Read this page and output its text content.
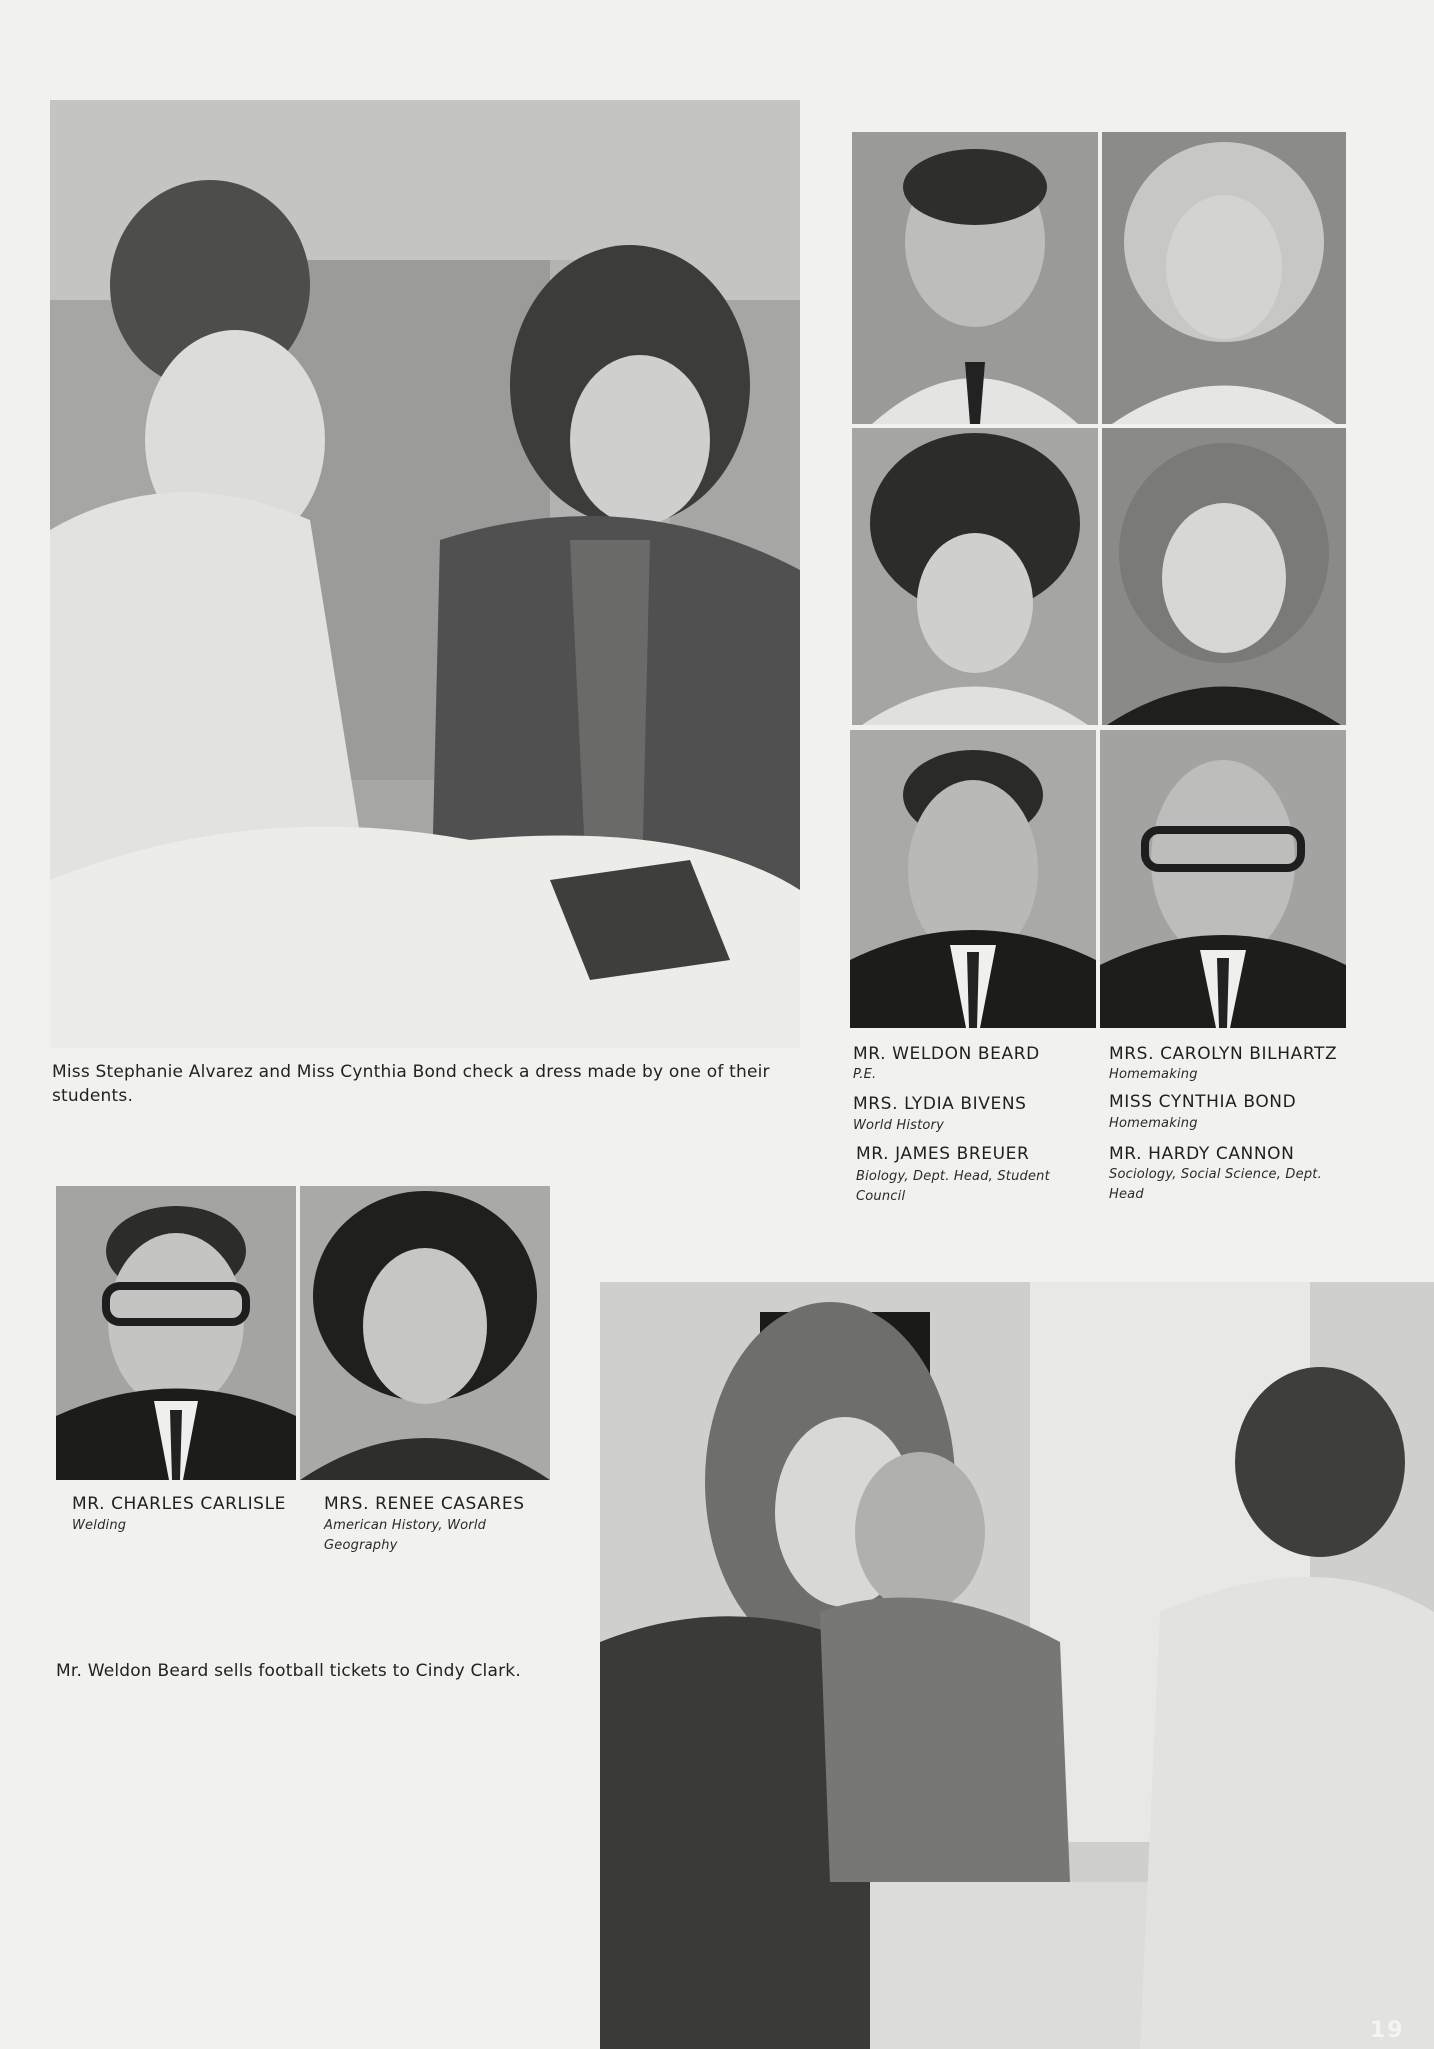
Miss Stephanie Alvarez and Miss Cynthia Bond check a dress made by one of their students.
MR. WELDON BEARD
P.E.
MRS. CAROLYN BILHARTZ
Homemaking
MRS. LYDIA BIVENS
World History
MISS CYNTHIA BOND
Homemaking
MR. JAMES BREUER
Biology, Dept. Head, Student Council
MR. HARDY CANNON
Sociology, Social Science, Dept. Head
MR. CHARLES CARLISLE
Welding
MRS. RENEE CASARES
American History, World Geography
Mr. Weldon Beard sells football tickets to Cindy Clark.
19
